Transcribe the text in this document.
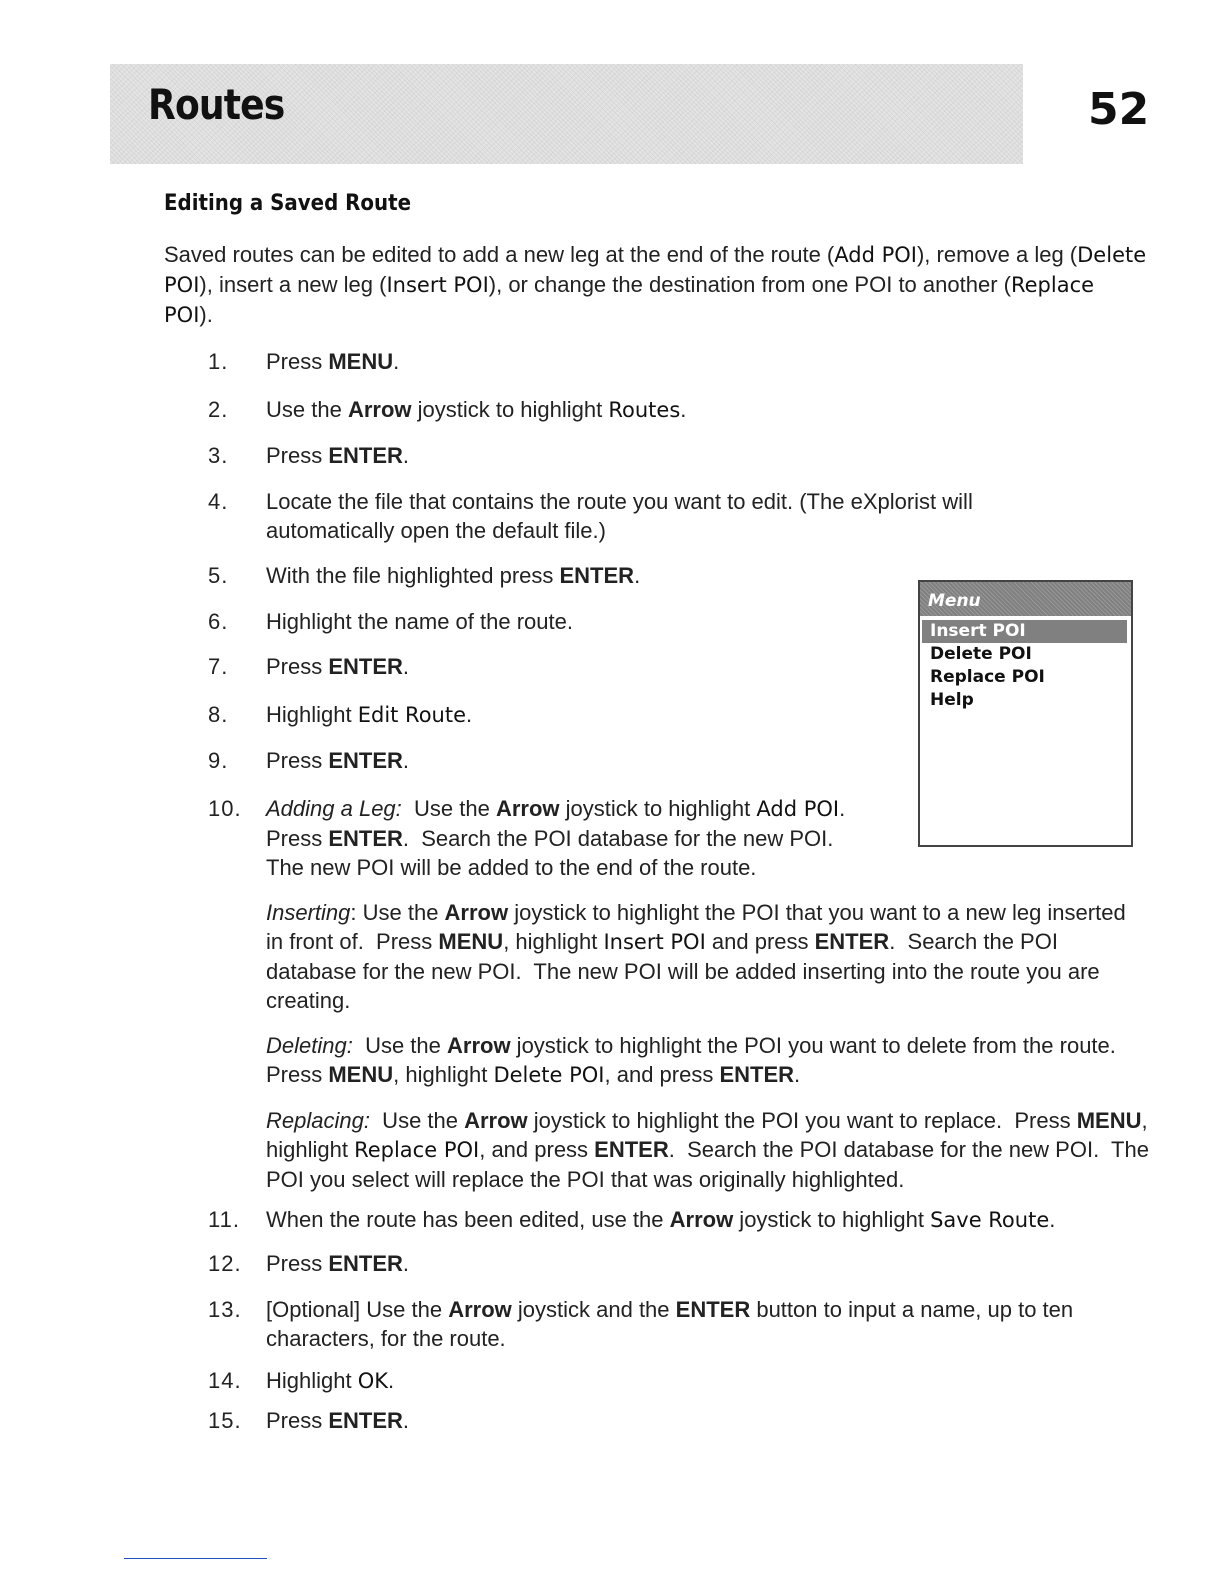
Routes	52
Editing a Saved Route

Saved routes can be edited to add a new leg at the end of the route (Add POI), remove a leg (Delete POI), insert a new leg (Insert POI), or change the destination from one POI to another (Replace POI).

1. Press MENU.
2. Use the Arrow joystick to highlight Routes.
3. Press ENTER.
4. Locate the file that contains the route you want to edit. (The eXplorist will
automatically open the default file.)
5. With the file highlighted press ENTER.
6. Highlight the name of the route.
7. Press ENTER.
8. Highlight Edit Route.
9. Press ENTER.
10. Adding a Leg:  Use the Arrow joystick to highlight Add POI.
Press ENTER.  Search the POI database for the new POI.
The new POI will be added to the end of the route.

Inserting: Use the Arrow joystick to highlight the POI that you want to a new leg inserted in front of.  Press MENU, highlight Insert POI and press ENTER.  Search the POI database for the new POI.  The new POI will be added inserting into the route you are creating.

Deleting:  Use the Arrow joystick to highlight the POI you want to delete from the route.  Press MENU, highlight Delete POI, and press ENTER.

Replacing:  Use the Arrow joystick to highlight the POI you want to replace.  Press MENU, highlight Replace POI, and press ENTER.  Search the POI database for the new POI.  The POI you select will replace the POI that was originally highlighted.

11. When the route has been edited, use the Arrow joystick to highlight Save Route.
12. Press ENTER.
13. [Optional] Use the Arrow joystick and the ENTER button to input a name, up to ten
characters, for the route.
14. Highlight OK.
15. Press ENTER.
Menu
Insert POI
Delete POI
Replace POI
Help
